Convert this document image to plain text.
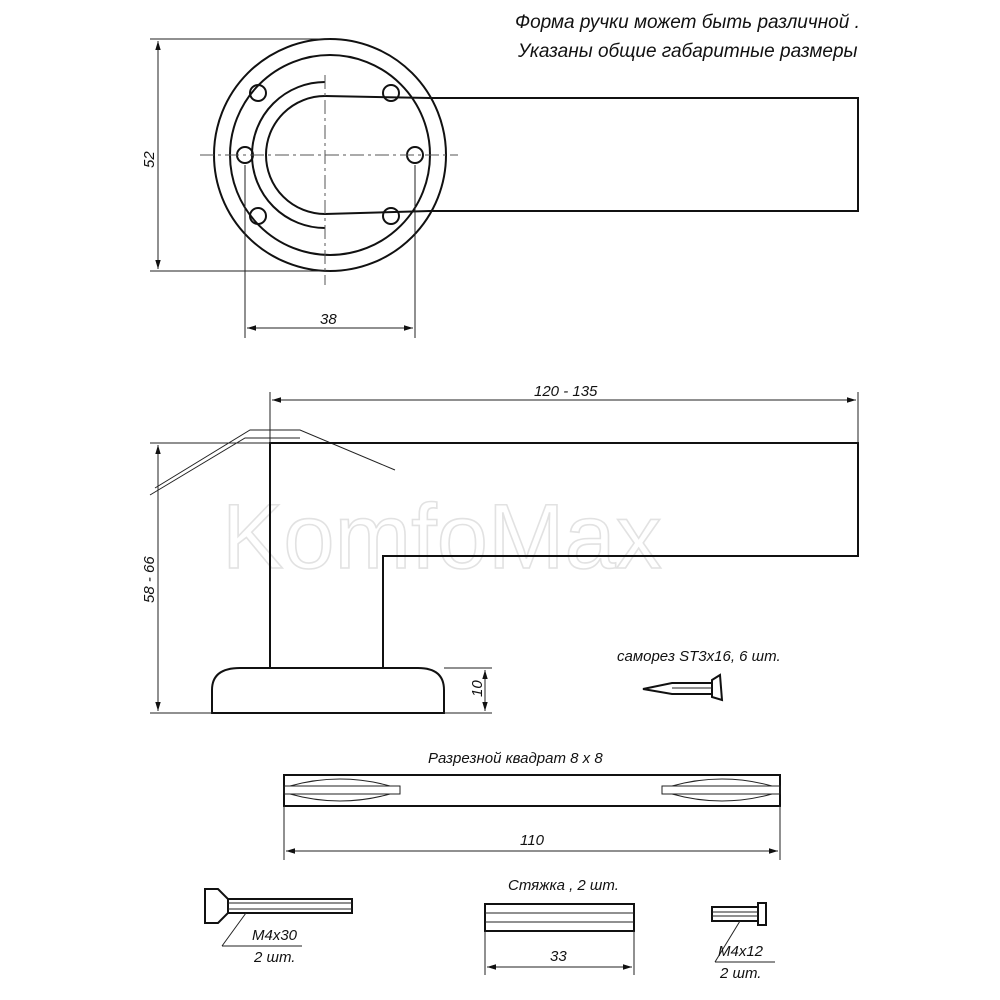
KomfoMax
Форма ручки может быть различной .
Указаны общие габаритные размеры
52
38
120 - 135
58 - 66
10
саморез ST3x16, 6 шт.
Разрезной квадрат 8 х 8
110
М4х30
2 шт.
Стяжка , 2 шт.
33	М4х12
2 шт.
